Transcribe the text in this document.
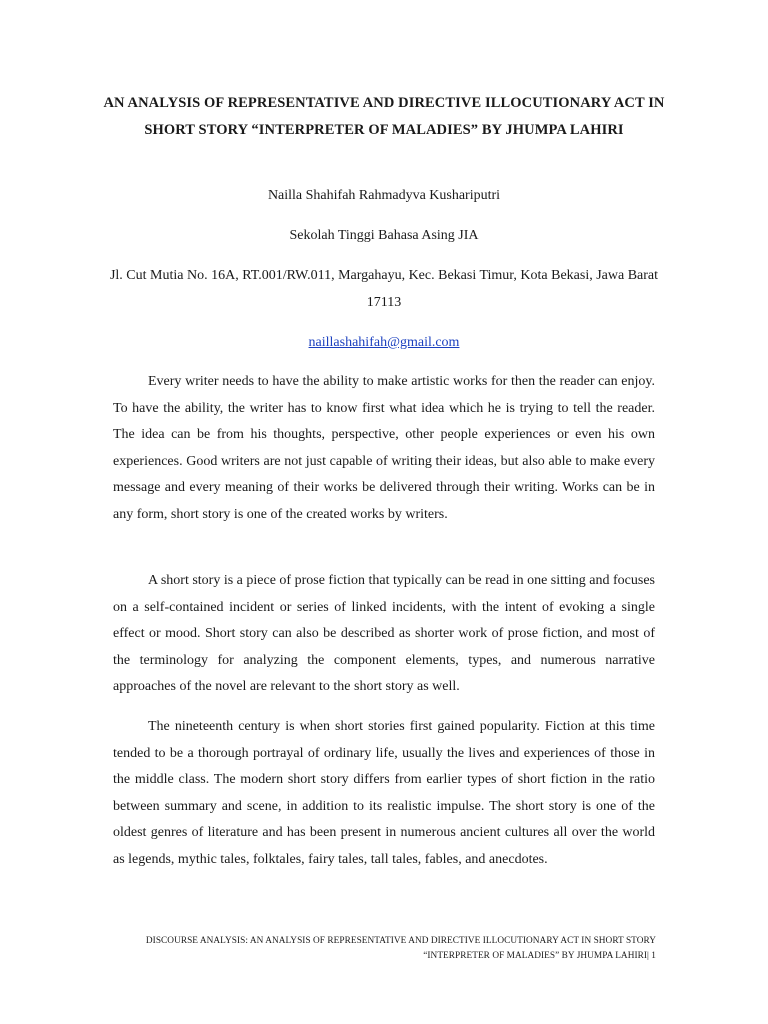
AN ANALYSIS OF REPRESENTATIVE AND DIRECTIVE ILLOCUTIONARY ACT IN SHORT STORY “INTERPRETER OF MALADIES” BY JHUMPA LAHIRI
Nailla Shahifah Rahmadyva Kushariputri
Sekolah Tinggi Bahasa Asing JIA
Jl. Cut Mutia No. 16A, RT.001/RW.011, Margahayu, Kec. Bekasi Timur, Kota Bekasi, Jawa Barat 17113
naillashahifah@gmail.com

Every writer needs to have the ability to make artistic works for then the reader can enjoy. To have the ability, the writer has to know first what idea which he is trying to tell the reader. The idea can be from his thoughts, perspective, other people experiences or even his own experiences. Good writers are not just capable of writing their ideas, but also able to make every message and every meaning of their works be delivered through their writing. Works can be in any form, short story is one of the created works by writers.

A short story is a piece of prose fiction that typically can be read in one sitting and focuses on a self-contained incident or series of linked incidents, with the intent of evoking a single effect or mood. Short story can also be described as shorter work of prose fiction, and most of the terminology for analyzing the component elements, types, and numerous narrative approaches of the novel are relevant to the short story as well.

The nineteenth century is when short stories first gained popularity. Fiction at this time tended to be a thorough portrayal of ordinary life, usually the lives and experiences of those in the middle class. The modern short story differs from earlier types of short fiction in the ratio between summary and scene, in addition to its realistic impulse. The short story is one of the oldest genres of literature and has been present in numerous ancient cultures all over the world as legends, mythic tales, folktales, fairy tales, tall tales, fables, and anecdotes.

DISCOURSE ANALYSIS: AN ANALYSIS OF REPRESENTATIVE AND DIRECTIVE ILLOCUTIONARY ACT IN SHORT STORY “INTERPRETER OF MALADIES” BY JHUMPA LAHIRI| 1
